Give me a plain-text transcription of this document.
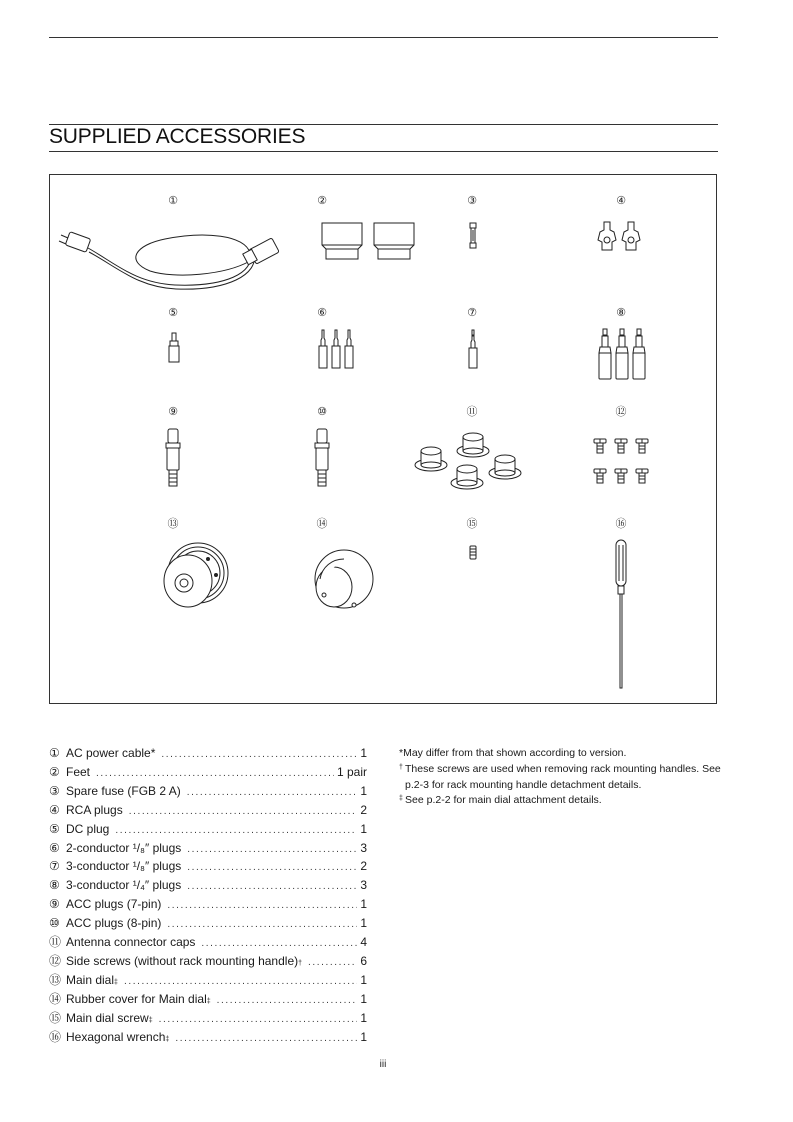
SUPPLIED ACCESSORIES
①	②	③	④
⑤	⑥	⑦	⑧
⑨	⑩	⑪	⑫
⑬	⑭	⑮	⑯
① AC power cable * .....	1
② Feet .....	1 pair
③ Spare fuse (FGB 2 A) .....	1
④ RCA plugs .....	2
⑤ DC plug .....	1
⑥ 2-conductor ¹/₈″ plugs .....	3
⑦ 3-conductor ¹/₈″ plugs .....	2
⑧ 3-conductor ¹/₄″ plugs .....	3
⑨ ACC plugs (7-pin) .....	1
⑩ ACC plugs (8-pin) .....	1
⑪ Antenna connector caps .....	4
⑫ Side screws (without rack mounting handle) † .....	6
⑬ Main dial ‡ .....	1
⑭ Rubber cover for Main dial ‡ .....	1
⑮ Main dial screw ‡ .....	1
⑯ Hexagonal wrench ‡ .....	1
*May differ from that shown according to version.
† These screws are used when removing rack mounting handles. See p.2-3 for rack mounting handle detachment details.
‡ See p.2-2 for main dial attachment details.
iii
